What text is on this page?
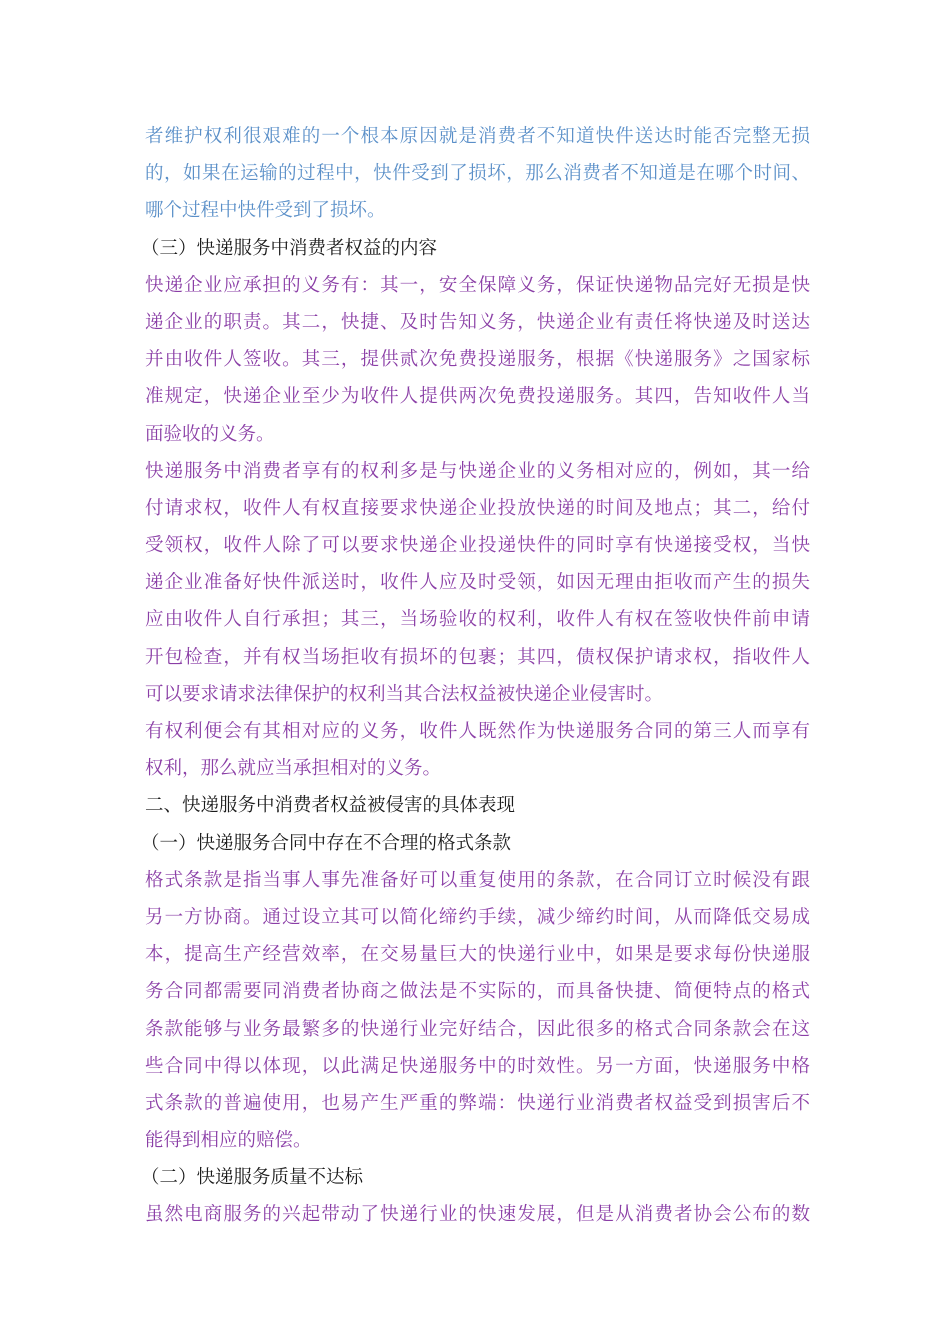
者维护权利很艰难的一个根本原因就是消费者不知道快件送达时能否完整无损
的，如果在运输的过程中，快件受到了损坏，那么消费者不知道是在哪个时间、
哪个过程中快件受到了损坏。
（三）快递服务中消费者权益的内容
快递企业应承担的义务有：其一，安全保障义务，保证快递物品完好无损是快
递企业的职责。其二，快捷、及时告知义务，快递企业有责任将快递及时送达
并由收件人签收。其三，提供贰次免费投递服务，根据《快递服务》之国家标
准规定，快递企业至少为收件人提供两次免费投递服务。其四，告知收件人当
面验收的义务。
快递服务中消费者享有的权利多是与快递企业的义务相对应的，例如，其一给
付请求权，收件人有权直接要求快递企业投放快递的时间及地点；其二，给付
受领权，收件人除了可以要求快递企业投递快件的同时享有快递接受权，当快
递企业准备好快件派送时，收件人应及时受领，如因无理由拒收而产生的损失
应由收件人自行承担；其三，当场验收的权利，收件人有权在签收快件前申请
开包检查，并有权当场拒收有损坏的包裹；其四，债权保护请求权，指收件人
可以要求请求法律保护的权利当其合法权益被快递企业侵害时。
有权利便会有其相对应的义务，收件人既然作为快递服务合同的第三人而享有
权利，那么就应当承担相对的义务。
二、快递服务中消费者权益被侵害的具体表现
（一）快递服务合同中存在不合理的格式条款
格式条款是指当事人事先准备好可以重复使用的条款，在合同订立时候没有跟
另一方协商。通过设立其可以简化缔约手续，减少缔约时间，从而降低交易成
本，提高生产经营效率，在交易量巨大的快递行业中，如果是要求每份快递服
务合同都需要同消费者协商之做法是不实际的，而具备快捷、简便特点的格式
条款能够与业务最繁多的快递行业完好结合，因此很多的格式合同条款会在这
些合同中得以体现，以此满足快递服务中的时效性。另一方面，快递服务中格
式条款的普遍使用，也易产生严重的弊端：快递行业消费者权益受到损害后不
能得到相应的赔偿。
（二）快递服务质量不达标
虽然电商服务的兴起带动了快递行业的快速发展，但是从消费者协会公布的数
